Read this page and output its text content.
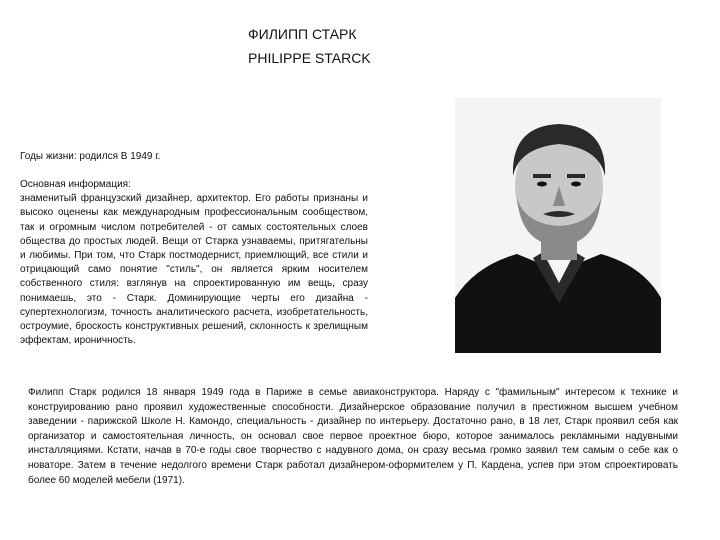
ФИЛИПП СТАРК
PHILIPPE STARCK
Годы жизни: родился В 1949 г.
Основная информация:
знаменитый французский дизайнер, архитектор. Его работы признаны и высоко оценены как международным профессиональным сообществом, так и огромным числом потребителей - от самых состоятельных слоев общества до простых людей. Вещи от Старка узнаваемы, притягательны и любимы. При том, что Старк постмодернист, приемлющий, все стили и отрицающий само понятие "стиль", он является ярким носителем собственного стиля: взглянув на спроектированную им вещь, сразу понимаешь, это - Старк. Доминирующие черты его дизайна - супертехнологизм, точность аналитического расчета, изобретательность, остроумие, броскость конструктивных решений, склонность к зрелищным эффектам, ироничность.
Филипп Старк родился 18 января 1949 года в Париже в семье авиаконструктора. Наряду с "фамильным" интересом к технике и конструированию рано проявил художественные способности. Дизайнерское образование получил в престижном высшем учебном заведении - парижской Школе Н. Камондо, специальность - дизайнер по интерьеру. Достаточно рано, в 18 лет, Старк проявил себя как организатор и самостоятельная личность, он основал свое первое проектное бюро, которое занималось рекламными надувными инсталляциями. Кстати, начав в 70-е годы свое творчество с надувного дома, он сразу весьма громко заявил тем самым о себе как о новаторе. Затем в течение недолгого времени Старк работал дизайнером-оформителем у П. Кардена, успев при этом спроектировать более 60 моделей мебели (1971).
